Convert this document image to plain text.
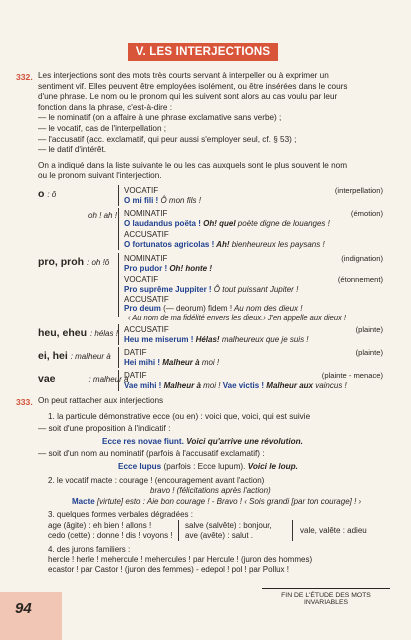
V. LES INTERJECTIONS
332. Les interjections sont des mots très courts servant à interpeller ou à exprimer un
sentiment vif. Elles peuvent être employées isolément, ou être insérées dans le cours
d'une phrase. Le nom ou le pronom qui les suivent sont alors au cas voulu par leur
fonction dans la phrase, c'est-à-dire :
— le nominatif (on a affaire à une phrase exclamative sans verbe) ;
— le vocatif, cas de l'interpellation ;
— l'accusatif (acc. exclamatif, qui peur aussi s'employer seul, cf. § 53) ;
— le datif d'intérêt.
On a indiqué dans la liste suivante le ou les cas auxquels sont le plus souvent le nom
ou le pronom suivant l'interjection.
o : ô	VOCATIF	(interpellation)
O mi fili ! Ô mon fils !
oh ! ah ! NOMINATIF	(émotion)
O laudandus poëta ! Oh! quel poète digne de louanges !
ACCUSATIF
O fortunatos agricolas ! Ah! bienheureux les paysans !
pro, proh : oh !ô NOMINATIF	(indignation)
Pro pudor ! Oh! honte !
VOCATIF	(étonnement)
Pro suprême Juppiter ! Ô tout puissant Jupiter !
ACCUSATIF
Pro deum (— deorum) fidem ! Au nom des dieux !
‹ Au nom de ma fidélité envers les dieux.› J'en appelle aux dieux !
heu, eheu : hélas ! ACCUSATIF	(plainte)
Heu me miserum ! Hélas! malheureux que je suis !
ei, hei : malheur à DATIF	(plainte)
Hei mihi ! Malheur à moi !
vae	: malheur à
DATIF	(plainte - menace)
Vae mihi ! Malheur à moi ! Vae victis ! Malheur aux vaincus !
333. On peut rattacher aux interjections
1. la particule démonstrative ecce (ou en) : voici que, voici, qui est suivie
— soit d'une proposition à l'indicatif :
Ecce res novae fiunt. Voici qu'arrive une révolution.
— soit d'un nom au nominatif (parfois à l'accusatif exclamatif) :
Ecce lupus (parfois : Ecce lupum). Voici le loup.
2. le vocatif macte : courage ! (encouragement avant l'action)
bravo ! (félicitations après l'action)
Macte [virtute] esto : Aie bon courage ! - Bravo ! ‹ Sois grandi [par ton courage] ! ›
3. quelques formes verbales dégradées :
age (âgite) : eh bien ! allons !
cedo (cette) : donne ! dis ! voyons !
salve (salvête) : bonjour,
ave (avête) : salut .
vale, valête : adieu
4. des jurons familiers :
hercle ! herle ! mehercule ! mehercules ! par Hercule ! (juron des hommes)
ecastor ! par Castor ! (juron des femmes) - edepol ! pol ! par Pollux !
FIN DE L'ÉTUDE DES MOTS INVARIABLES
94
